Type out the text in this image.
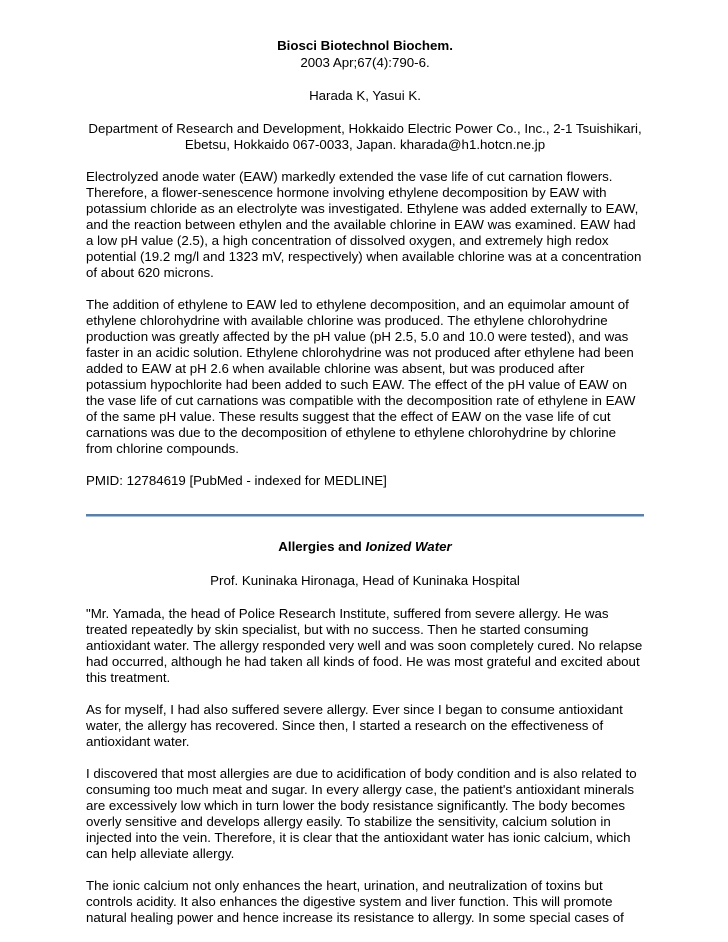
Biosci Biotechnol Biochem.

2003 Apr;67(4):790-6.

Harada K, Yasui K.

Department of Research and Development, Hokkaido Electric Power Co., Inc., 2-1 Tsuishikari,

Ebetsu, Hokkaido 067-0033, Japan. kharada@h1.hotcn.ne.jp

Electrolyzed anode water (EAW) markedly extended the vase life of cut carnation flowers. Therefore, a flower-senescence hormone involving ethylene decomposition by EAW with potassium chloride as an electrolyte was investigated. Ethylene was added externally to EAW, and the reaction between ethylen and the available chlorine in EAW was examined. EAW had a low pH value (2.5), a high concentration of dissolved oxygen, and extremely high redox potential (19.2 mg/l and 1323 mV, respectively) when available chlorine was at a concentration of about 620 microns.

The addition of ethylene to EAW led to ethylene decomposition, and an equimolar amount of ethylene chlorohydrine with available chlorine was produced. The ethylene chlorohydrine production was greatly affected by the pH value (pH 2.5, 5.0 and 10.0 were tested), and was faster in an acidic solution. Ethylene chlorohydrine was not produced after ethylene had been added to EAW at pH 2.6 when available chlorine was absent, but was produced after potassium hypochlorite had been added to such EAW. The effect of the pH value of EAW on the vase life of cut carnations was compatible with the decomposition rate of ethylene in EAW of the same pH value. These results suggest that the effect of EAW on the vase life of cut carnations was due to the decomposition of ethylene to ethylene chlorohydrine by chlorine from chlorine compounds.

PMID: 12784619 [PubMed - indexed for MEDLINE]

Allergies and Ionized Water

Prof. Kuninaka Hironaga, Head of Kuninaka Hospital

"Mr. Yamada, the head of Police Research Institute, suffered from severe allergy. He was treated repeatedly by skin specialist, but with no success. Then he started consuming antioxidant water. The allergy responded very well and was soon completely cured. No relapse had occurred, although he had taken all kinds of food. He was most grateful and excited about this treatment.

As for myself, I had also suffered severe allergy. Ever since I began to consume antioxidant water, the allergy has recovered. Since then, I started a research on the effectiveness of antioxidant water.

I discovered that most allergies are due to acidification of body condition and is also related to consuming too much meat and sugar. In every allergy case, the patient's antioxidant minerals are excessively low which in turn lower the body resistance significantly. The body becomes overly sensitive and develops allergy easily. To stabilize the sensitivity, calcium solution in injected into the vein. Therefore, it is clear that the antioxidant water has ionic calcium, which can help alleviate allergy.

The ionic calcium not only enhances the heart, urination, and neutralization of toxins but controls acidity. It also enhances the digestive system and liver function. This will promote natural healing power and hence increase its resistance to allergy. In some special cases of
